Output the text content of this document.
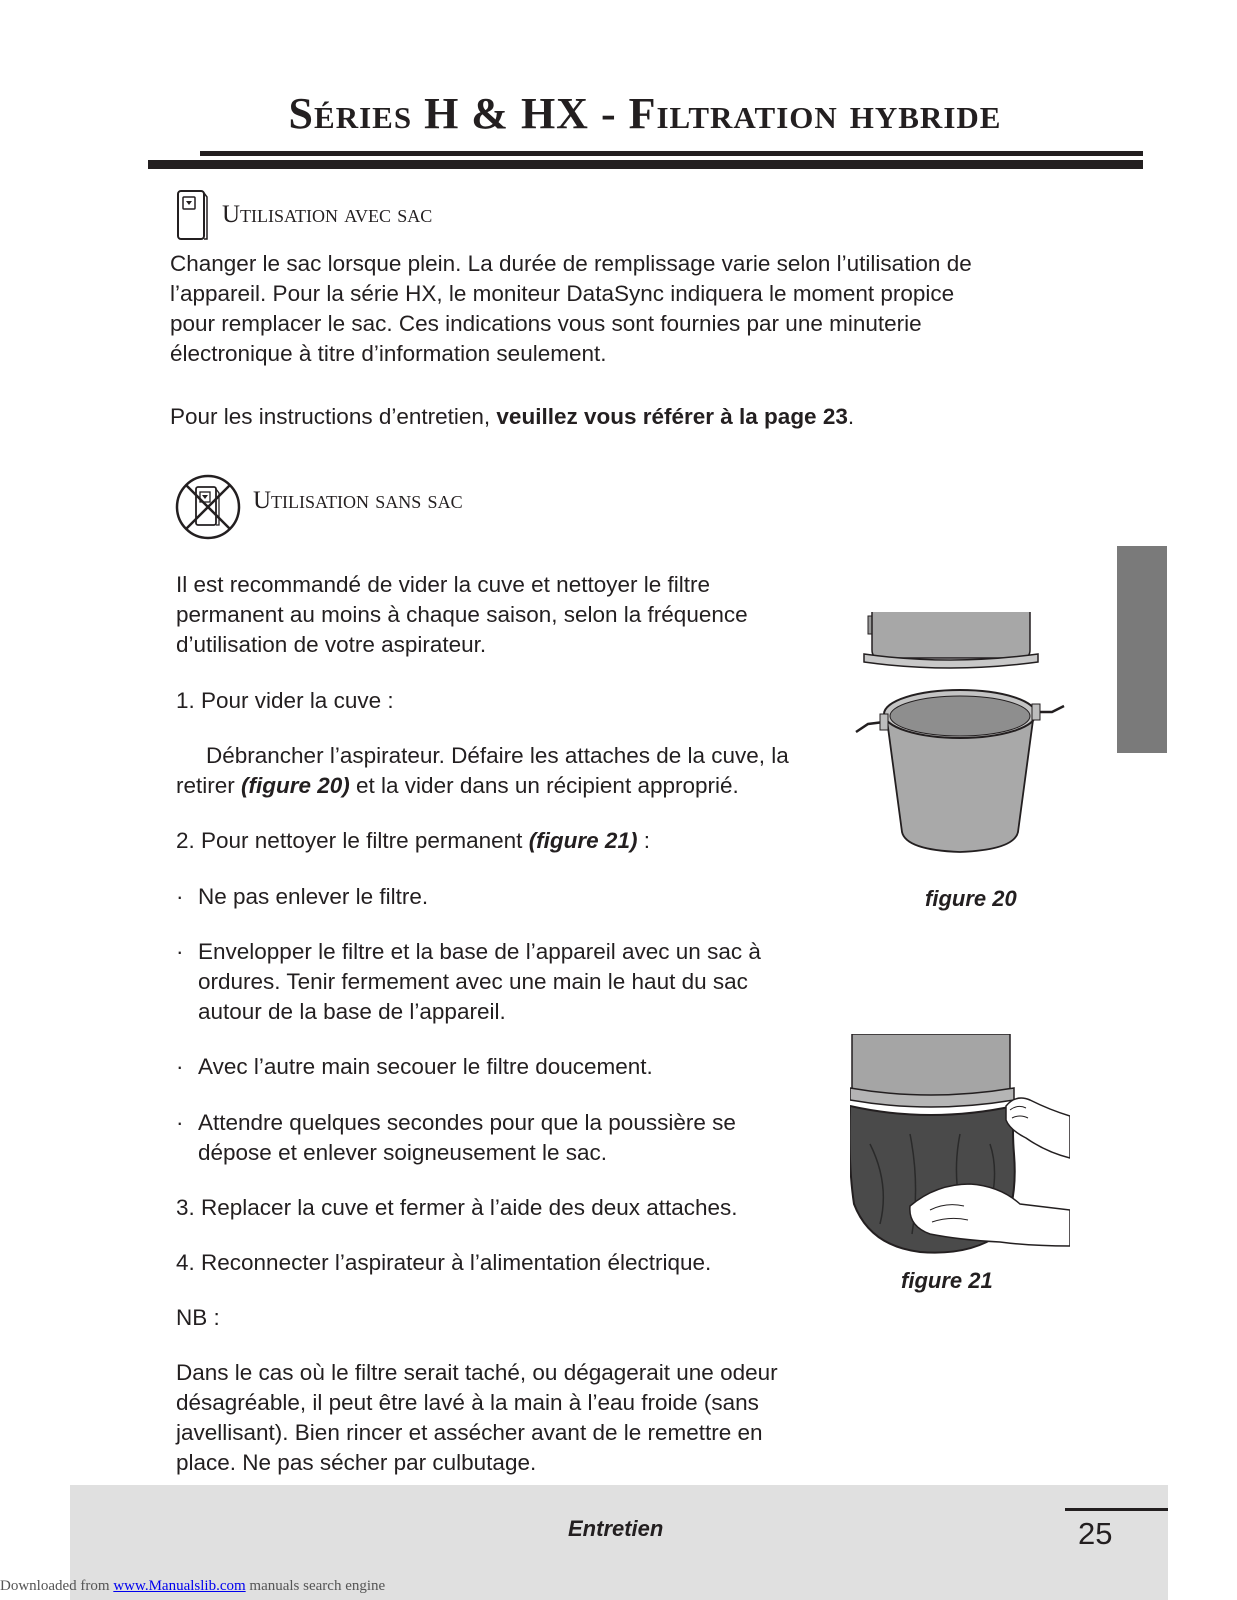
Séries H & HX - Filtration hybride
Utilisation avec sac
Changer le sac lorsque plein. La durée de remplissage varie selon l’utilisation de
l’appareil. Pour la série HX, le moniteur DataSync indiquera le moment propice
pour remplacer le sac. Ces indications vous sont fournies par une minuterie
électronique à titre d’information seulement.
Pour les instructions d’entretien, veuillez vous référer à la page 23.
Utilisation sans sac
Il est recommandé de vider la cuve et nettoyer le filtre
permanent au moins à chaque saison, selon la fréquence
d’utilisation de votre aspirateur.
1. Pour vider la cuve :
Débrancher l’aspirateur. Défaire les attaches de la cuve, la
retirer (figure 20) et la vider dans un récipient approprié.
2. Pour nettoyer le filtre permanent (figure 21) :
· Ne pas enlever le filtre.
· Envelopper le filtre et la base de l’appareil avec un sac à
ordures. Tenir fermement avec une main le haut du sac
autour de la base de l’appareil.
· Avec l’autre main secouer le filtre doucement.
· Attendre quelques secondes pour que la poussière se
dépose et enlever soigneusement le sac.
3. Replacer la cuve et fermer à l’aide des deux attaches.
4. Reconnecter l’aspirateur à l’alimentation électrique.
NB :
Dans le cas où le filtre serait taché, ou dégagerait une odeur
désagréable, il peut être lavé à la main à l’eau froide (sans
javellisant). Bien rincer et assécher avant de le remettre en
place. Ne pas sécher par culbutage.
figure 20
figure 21
Entretien	25
Downloaded from www.Manualslib.com manuals search engine
